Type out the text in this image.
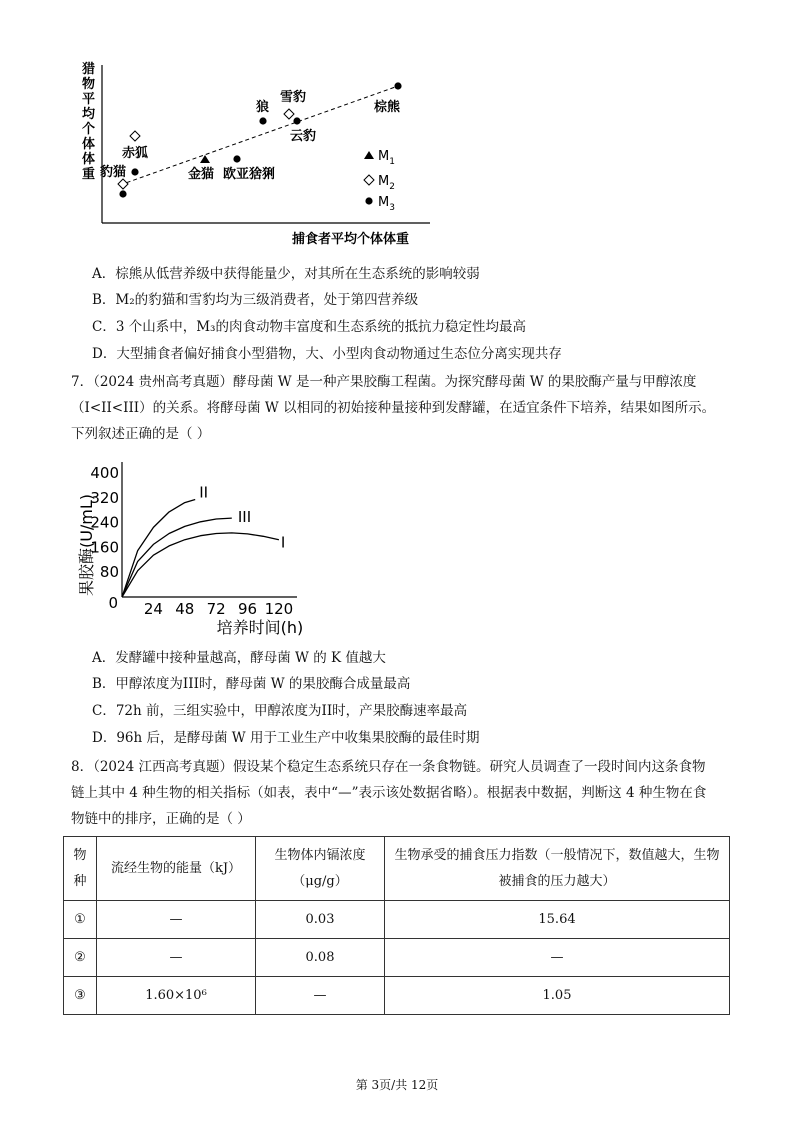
猎物平均个体体重
捕食者平均个体体重
赤狐
豹猫	金猫 欧亚猞猁
狼
雪豹
云豹
棕熊
$M_1$
$M_2$
$M_3$
A．棕熊从低营养级中获得能量少，对其所在生态系统的影响较弱
B．M₂的豹猫和雪豹均为三级消费者，处于第四营养级
C．3 个山系中，M₃的肉食动物丰富度和生态系统的抵抗力稳定性均最高
D．大型捕食者偏好捕食小型猎物，大、小型肉食动物通过生态位分离实现共存
7．（2024 贵州高考真题）酵母菌 W 是一种产果胶酶工程菌。为探究酵母菌 W 的果胶酶产量与甲醇浓度
（I<II<III）的关系。将酵母菌 W 以相同的初始接种量接种到发酵罐，在适宜条件下培养，结果如图所示。
下列叙述正确的是（ ）
0 24 48 72 96 120
80
160
240
320
400
II
III
I
果胶酶(U/mL)
培养时间(h)
A．发酵罐中接种量越高，酵母菌 W 的 K 值越大
B．甲醇浓度为III时，酵母菌 W 的果胶酶合成量最高
C．72h 前，三组实验中，甲醇浓度为II时，产果胶酶速率最高
D．96h 后，是酵母菌 W 用于工业生产中收集果胶酶的最佳时期
8．（2024 江西高考真题）假设某个稳定生态系统只存在一条食物链。研究人员调查了一段时间内这条食物
链上其中 4 种生物的相关指标（如表，表中“—”表示该处数据省略）。根据表中数据，判断这 4 种生物在食
物链中的排序，正确的是（ ）
物种	流经生物的能量（kJ）	生物体内镉浓度（μg/g）	生物承受的捕食压力指数（一般情况下，数值越大，生物被捕食的压力越大）
①	—	0.03	15.64
②	—	0.08	—
③	1.60×10⁶	—	1.05
第 3页/共 12页
